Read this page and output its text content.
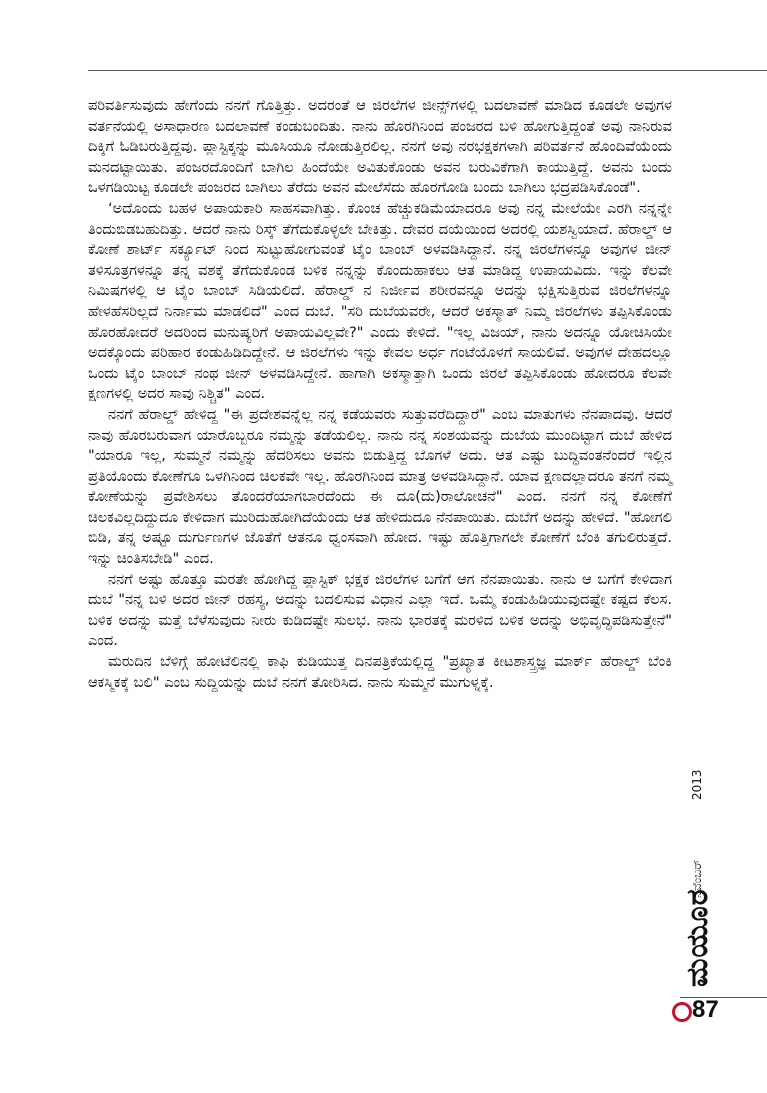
ಪರಿವರ್ತಿಸುವುದು ಹೇಗೆಂದು ನನಗೆ ಗೊತ್ತಿತ್ತು. ಅದರಂತೆ ಆ ಜಿರಲೆಗಳ ಜೀನ್ಸ್‌ಗಳಲ್ಲಿ ಬದಲಾವಣೆ ಮಾಡಿದ ಕೂಡಲೇ ಅವುಗಳ ವರ್ತನೆಯಲ್ಲಿ ಅಸಾಧಾರಣ ಬದಲಾವಣೆ ಕಂಡುಬಂದಿತು. ನಾನು ಹೊರಗಿನಿಂದ ಪಂಜರದ ಬಳಿ ಹೋಗುತ್ತಿದ್ದಂತೆ ಅವು ನಾನಿರುವ ದಿಕ್ಕಿಗೆ ಓಡಿಬರುತ್ತಿದ್ದವು. ಪ್ಲಾಸ್ಟಿಕ್ಕನ್ನು ಮೂಸಿಯೂ ನೋಡುತ್ತಿರಲಿಲ್ಲ. ನನಗೆ ಅವು ನರಭಕ್ಷಕಗಳಾಗಿ ಪರಿವರ್ತನೆ ಹೊಂದಿವೆಯೆಂದು ಮನದಟ್ಟಾಯಿತು. ಪಂಜರದೊಂದಿಗೆ ಬಾಗಿಲ ಹಿಂದೆಯೇ ಅವಿತುಕೊಂಡು ಅವನ ಬರುವಿಕೆಗಾಗಿ ಕಾಯುತ್ತಿದ್ದೆ. ಅವನು ಬಂದು ಒಳಗಡಿಯಿಟ್ಟ ಕೂಡಲೇ ಪಂಜರದ ಬಾಗಿಲು ತೆರೆದು ಅವನ ಮೇಲೆಸೆದು ಹೊರಗೋಡಿ ಬಂದು ಬಾಗಿಲು ಭದ್ರಪಡಿಸಿಕೊಂಡೆ".

‘ಅದೊಂದು ಬಹಳ ಅಪಾಯಕಾರಿ ಸಾಹಸವಾಗಿತ್ತು. ಕೊಂಚ ಹೆಚ್ಚುಕಡಿಮೆಯಾದರೂ ಅವು ನನ್ನ ಮೇಲೆಯೇ ಎರಗಿ ನನ್ನನ್ನೇ ತಿಂದುಬಿಡಬಹುದಿತ್ತು. ಆದರೆ ನಾನು ರಿಸ್ಕ್ ತೆಗೆದುಕೊಳ್ಳಲೇ ಬೇಕಿತ್ತು. ದೇವರ ದಯೆಯಿಂದ ಅದರಲ್ಲಿ ಯಶಸ್ವಿಯಾದೆ. ಹೆರಾಲ್ಡ್ ಆ ಕೋಣೆ ಶಾರ್ಟ್ ಸರ್ಕ್ಯೂಟ್ ನಿಂದ ಸುಟ್ಟುಹೋಗುವಂತೆ ಟೈಂ ಬಾಂಬ್ ಅಳವಡಿಸಿದ್ದಾನೆ. ನನ್ನ ಜಿರಲೆಗಳನ್ನೂ ಅವುಗಳ ಜೀನ್ ತಳಿಸೂತ್ರಗಳನ್ನೂ ತನ್ನ ವಶಕ್ಕೆ ತೆಗೆದುಕೊಂಡ ಬಳಿಕ ನನ್ನನ್ನು ಕೊಂದುಹಾಕಲು ಆತ ಮಾಡಿದ್ದ ಉಪಾಯವಿದು. ಇನ್ನು ಕೆಲವೇ ನಿಮಿಷಗಳಲ್ಲಿ ಆ ಟೈಂ ಬಾಂಬ್ ಸಿಡಿಯಲಿದೆ. ಹೆರಾಲ್ಡ್ ನ ನಿರ್ಜೀವ ಶರೀರವನ್ನೂ ಅದನ್ನು ಭಕ್ಷಿಸುತ್ತಿರುವ ಜಿರಲೆಗಳನ್ನೂ ಹೇಳಹೆಸರಿಲ್ಲದೆ ನಿರ್ನಾಮ ಮಾಡಲಿದೆ" ಎಂದ ದುಬೆ. "ಸರಿ ದುಬೆಯವರೇ, ಆದರೆ ಅಕಸ್ಮಾತ್ ನಿಮ್ಮ ಜಿರಲೆಗಳು ತಪ್ಪಿಸಿಕೊಂಡು ಹೊರಹೋದರೆ ಅದರಿಂದ ಮನುಷ್ಯರಿಗೆ ಅಪಾಯವಿಲ್ಲವೇ?" ಎಂದು ಕೇಳಿದೆ. "ಇಲ್ಲ ವಿಜಯ್, ನಾನು ಅದನ್ನೂ ಯೋಚಿಸಿಯೇ ಅದಕ್ಕೊಂದು ಪರಿಹಾರ ಕಂಡುಹಿಡಿದಿದ್ದೇನೆ. ಆ ಜಿರಲೆಗಳು ಇನ್ನು ಕೇವಲ ಅರ್ಧ ಗಂಟೆಯೊಳಗೆ ಸಾಯಲಿವೆ. ಅವುಗಳ ದೇಹದಲ್ಲೂ ಒಂದು ಟೈಂ ಬಾಂಬ್ ನಂಥ ಜೀನ್ ಅಳವಡಿಸಿದ್ದೇನೆ. ಹಾಗಾಗಿ ಅಕಸ್ಮಾತ್ತಾಗಿ ಒಂದು ಜಿರಲೆ ತಪ್ಪಿಸಿಕೊಂಡು ಹೋದರೂ ಕೆಲವೇ ಕ್ಷಣಗಳಲ್ಲಿ ಅದರ ಸಾವು ನಿಶ್ಚಿತ" ಎಂದ.

ನನಗೆ ಹೆರಾಲ್ಡ್ ಹೇಳಿದ್ದ "ಈ ಪ್ರದೇಶವನ್ನೆಲ್ಲ ನನ್ನ ಕಡೆಯವರು ಸುತ್ತುವರೆದಿದ್ದಾರೆ" ಎಂಬ ಮಾತುಗಳು ನೆನಪಾದವು. ಆದರೆ ನಾವು ಹೊರಬರುವಾಗ ಯಾರೊಬ್ಬರೂ ನಮ್ಮನ್ನು ತಡೆಯಲಿಲ್ಲ. ನಾನು ನನ್ನ ಸಂಶಯವನ್ನು ದುಬೆಯ ಮುಂದಿಟ್ಟಾಗ ದುಬೆ ಹೇಳಿದ "ಯಾರೂ ಇಲ್ಲ, ಸುಮ್ಮನೆ ನಮ್ಮನ್ನು ಹೆದರಿಸಲು ಅವನು ಬಿಡುತ್ತಿದ್ದ ಬೊಗಳೆ ಅದು. ಆತ ಎಷ್ಟು ಬುದ್ಧಿವಂತನೆಂದರೆ ಇಲ್ಲಿನ ಪ್ರತಿಯೊಂದು ಕೋಣೆಗೂ ಒಳಗಿನಿಂದ ಚಿಲಕವೇ ಇಲ್ಲ. ಹೊರಗಿನಿಂದ ಮಾತ್ರ ಅಳವಡಿಸಿದ್ದಾನೆ. ಯಾವ ಕ್ಷಣದಲ್ಲಾದರೂ ತನಗೆ ನಮ್ಮ ಕೋಣೆಯನ್ನು ಪ್ರವೇಶಿಸಲು ತೊಂದರೆಯಾಗಬಾರದೆಂದು ಈ ದೂ(ದು)ರಾಲೋಚನೆ" ಎಂದ. ನನಗೆ ನನ್ನ ಕೋಣೆಗೆ ಚಿಲಕವಿಲ್ಲದಿದ್ದುದೂ ಕೇಳಿದಾಗ ಮುರಿದುಹೋಗಿದೆಯೆಂದು ಆತ ಹೇಳಿದುದೂ ನೆನಪಾಯಿತು. ದುಬೆಗೆ ಅದನ್ನು ಹೇಳಿದೆ. "ಹೋಗಲಿ ಬಿಡಿ, ತನ್ನ ಅಷ್ಟೂ ದುರ್ಗುಣಗಳ ಜೊತೆಗೆ ಆತನೂ ಧ್ವಂಸವಾಗಿ ಹೋದ. ಇಷ್ಟು ಹೊತ್ತಿಗಾಗಲೇ ಕೋಣೆಗೆ ಬೆಂಕಿ ತಗುಲಿರುತ್ತದೆ. ಇನ್ನು ಚಿಂತಿಸಬೇಡಿ" ಎಂದ.

ನನಗೆ ಅಷ್ಟು ಹೊತ್ತೂ ಮರತೇ ಹೋಗಿದ್ದ ಪ್ಲಾಸ್ಟಿಕ್ ಭಕ್ಷಕ ಜಿರಲೆಗಳ ಬಗೆಗೆ ಆಗ ನೆನಪಾಯಿತು. ನಾನು ಆ ಬಗೆಗೆ ಕೇಳಿದಾಗ ದುಬೆ "ನನ್ನ ಬಳಿ ಅದರ ಜೀನ್ ರಹಸ್ಯ, ಅದನ್ನು ಬದಲಿಸುವ ವಿಧಾನ ಎಲ್ಲಾ ಇದೆ. ಒಮ್ಮೆ ಕಂಡುಹಿಡಿಯುವುದಷ್ಟೇ ಕಷ್ಟದ ಕೆಲಸ. ಬಳಿಕ ಅದನ್ನು ಮತ್ತೆ ಬೆಳೆಸುವುದು ನೀರು ಕುಡಿದಷ್ಟೇ ಸುಲಭ. ನಾನು ಭಾರತಕ್ಕೆ ಮರಳಿದ ಬಳಿಕ ಅದನ್ನು ಅಭಿವೃದ್ಧಿಪಡಿಸುತ್ತೇನೆ" ಎಂದ.

ಮರುದಿನ ಬೆಳಿಗ್ಗೆ ಹೋಟೆಲಿನಲ್ಲಿ ಕಾಫಿ ಕುಡಿಯುತ್ತ ದಿನಪತ್ರಿಕೆಯಲ್ಲಿದ್ದ "ಪ್ರಖ್ಯಾತ ಕೀಟಶಾಸ್ತ್ರಜ್ಞ ಮಾರ್ಕ್ ಹೆರಾಲ್ಡ್ ಬೆಂಕಿ ಆಕಸ್ಮಿಕಕ್ಕೆ ಬಲಿ" ಎಂಬ ಸುದ್ದಿಯನ್ನು ದುಬೆ ನನಗೆ ತೋರಿಸಿದ. ನಾನು ಸುಮ್ಮನೆ ಮುಗುಳ್ನಕ್ಕೆ.

2013
ನವೆಂಬರ್
ಮಯೂರ
87
